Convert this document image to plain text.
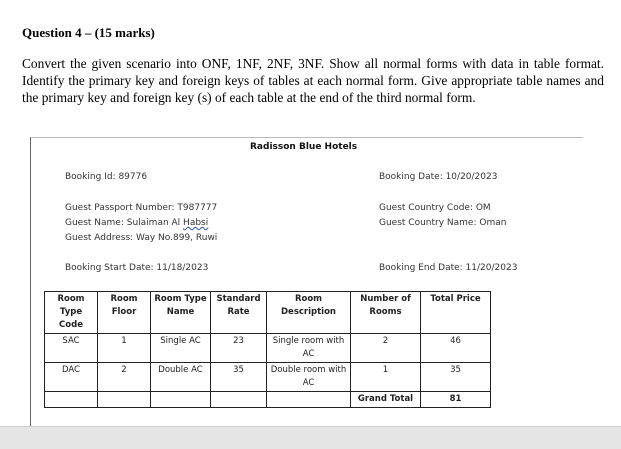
Question 4 – (15 marks)
Convert the given scenario into ONF, 1NF, 2NF, 3NF. Show all normal forms with data in table format. Identify the primary key and foreign keys of tables at each normal form. Give appropriate table names and the primary key and foreign key (s) of each table at the end of the third normal form.
Radisson Blue Hotels
Booking Id: 89776	Booking Date: 10/20/2023
Guest Passport Number: T987777	Guest Country Code: OM
Guest Name: Sulaiman Al Habsi	Guest Country Name: Oman
Guest Address: Way No.899, Ruwi
Booking Start Date: 11/18/2023	Booking End Date: 11/20/2023
Room Type Code	Room Floor	Room Type Name	Standard Rate	Room Description	Number of Rooms	Total Price
SAC	1	Single AC	23	Single room with AC	2	46
DAC	2	Double AC	35	Double room with AC	1	35
					Grand Total	81
